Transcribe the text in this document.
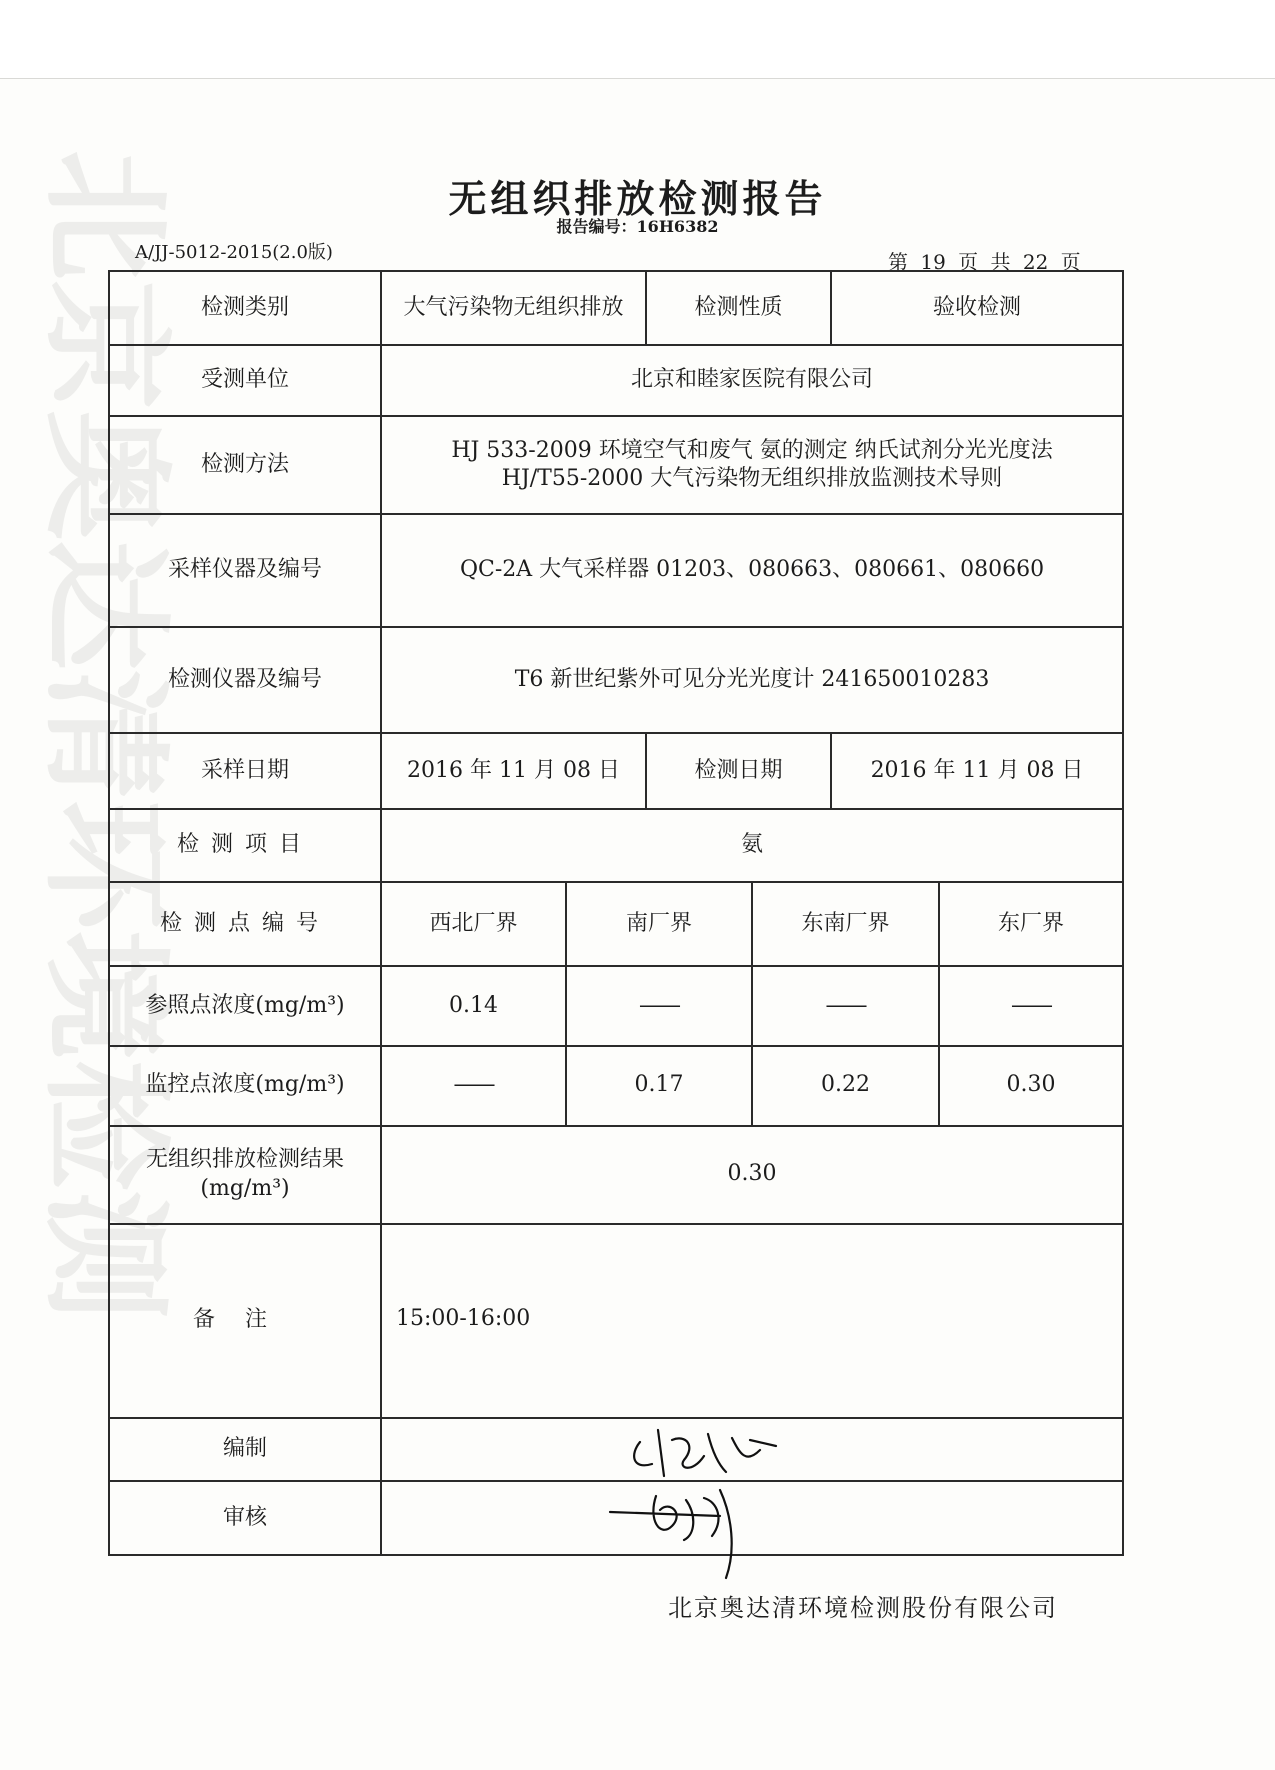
北京奥达清环境检测	无组织排放检测报告
报告编号：16H6382
A/JJ-5012-2015(2.0版)	第 19 页 共 22 页
检测类别	大气污染物无组织排放		检测性质		验收检测	
受测单位	北京和睦家医院有限公司					
检测方法	HJ 533-2009 环境空气和废气 氨的测定 纳氏试剂分光光度法
HJ/T55-2000 大气污染物无组织排放监测技术导则					

采样仪器及编号	QC-2A 大气采样器 01203、080663、080661、080660					
检测仪器及编号	T6 新世纪紫外可见分光光度计 241650010283					
采样日期	2016 年 11 月 08 日		检测日期		2016 年 11 月 08 日	
检测项目	氨					
检测点编号	西北厂界	南厂界		东南厂界		东厂界
参照点浓度(mg/m³)	0.14	——		——		——
监控点浓度(mg/m³)	——	0.17		0.22		0.30

无组织排放检测结果
(mg/m³)	0.30					
备注	15:00-16:00					
编制						
审核						
北京奥达清环境检测股份有限公司
